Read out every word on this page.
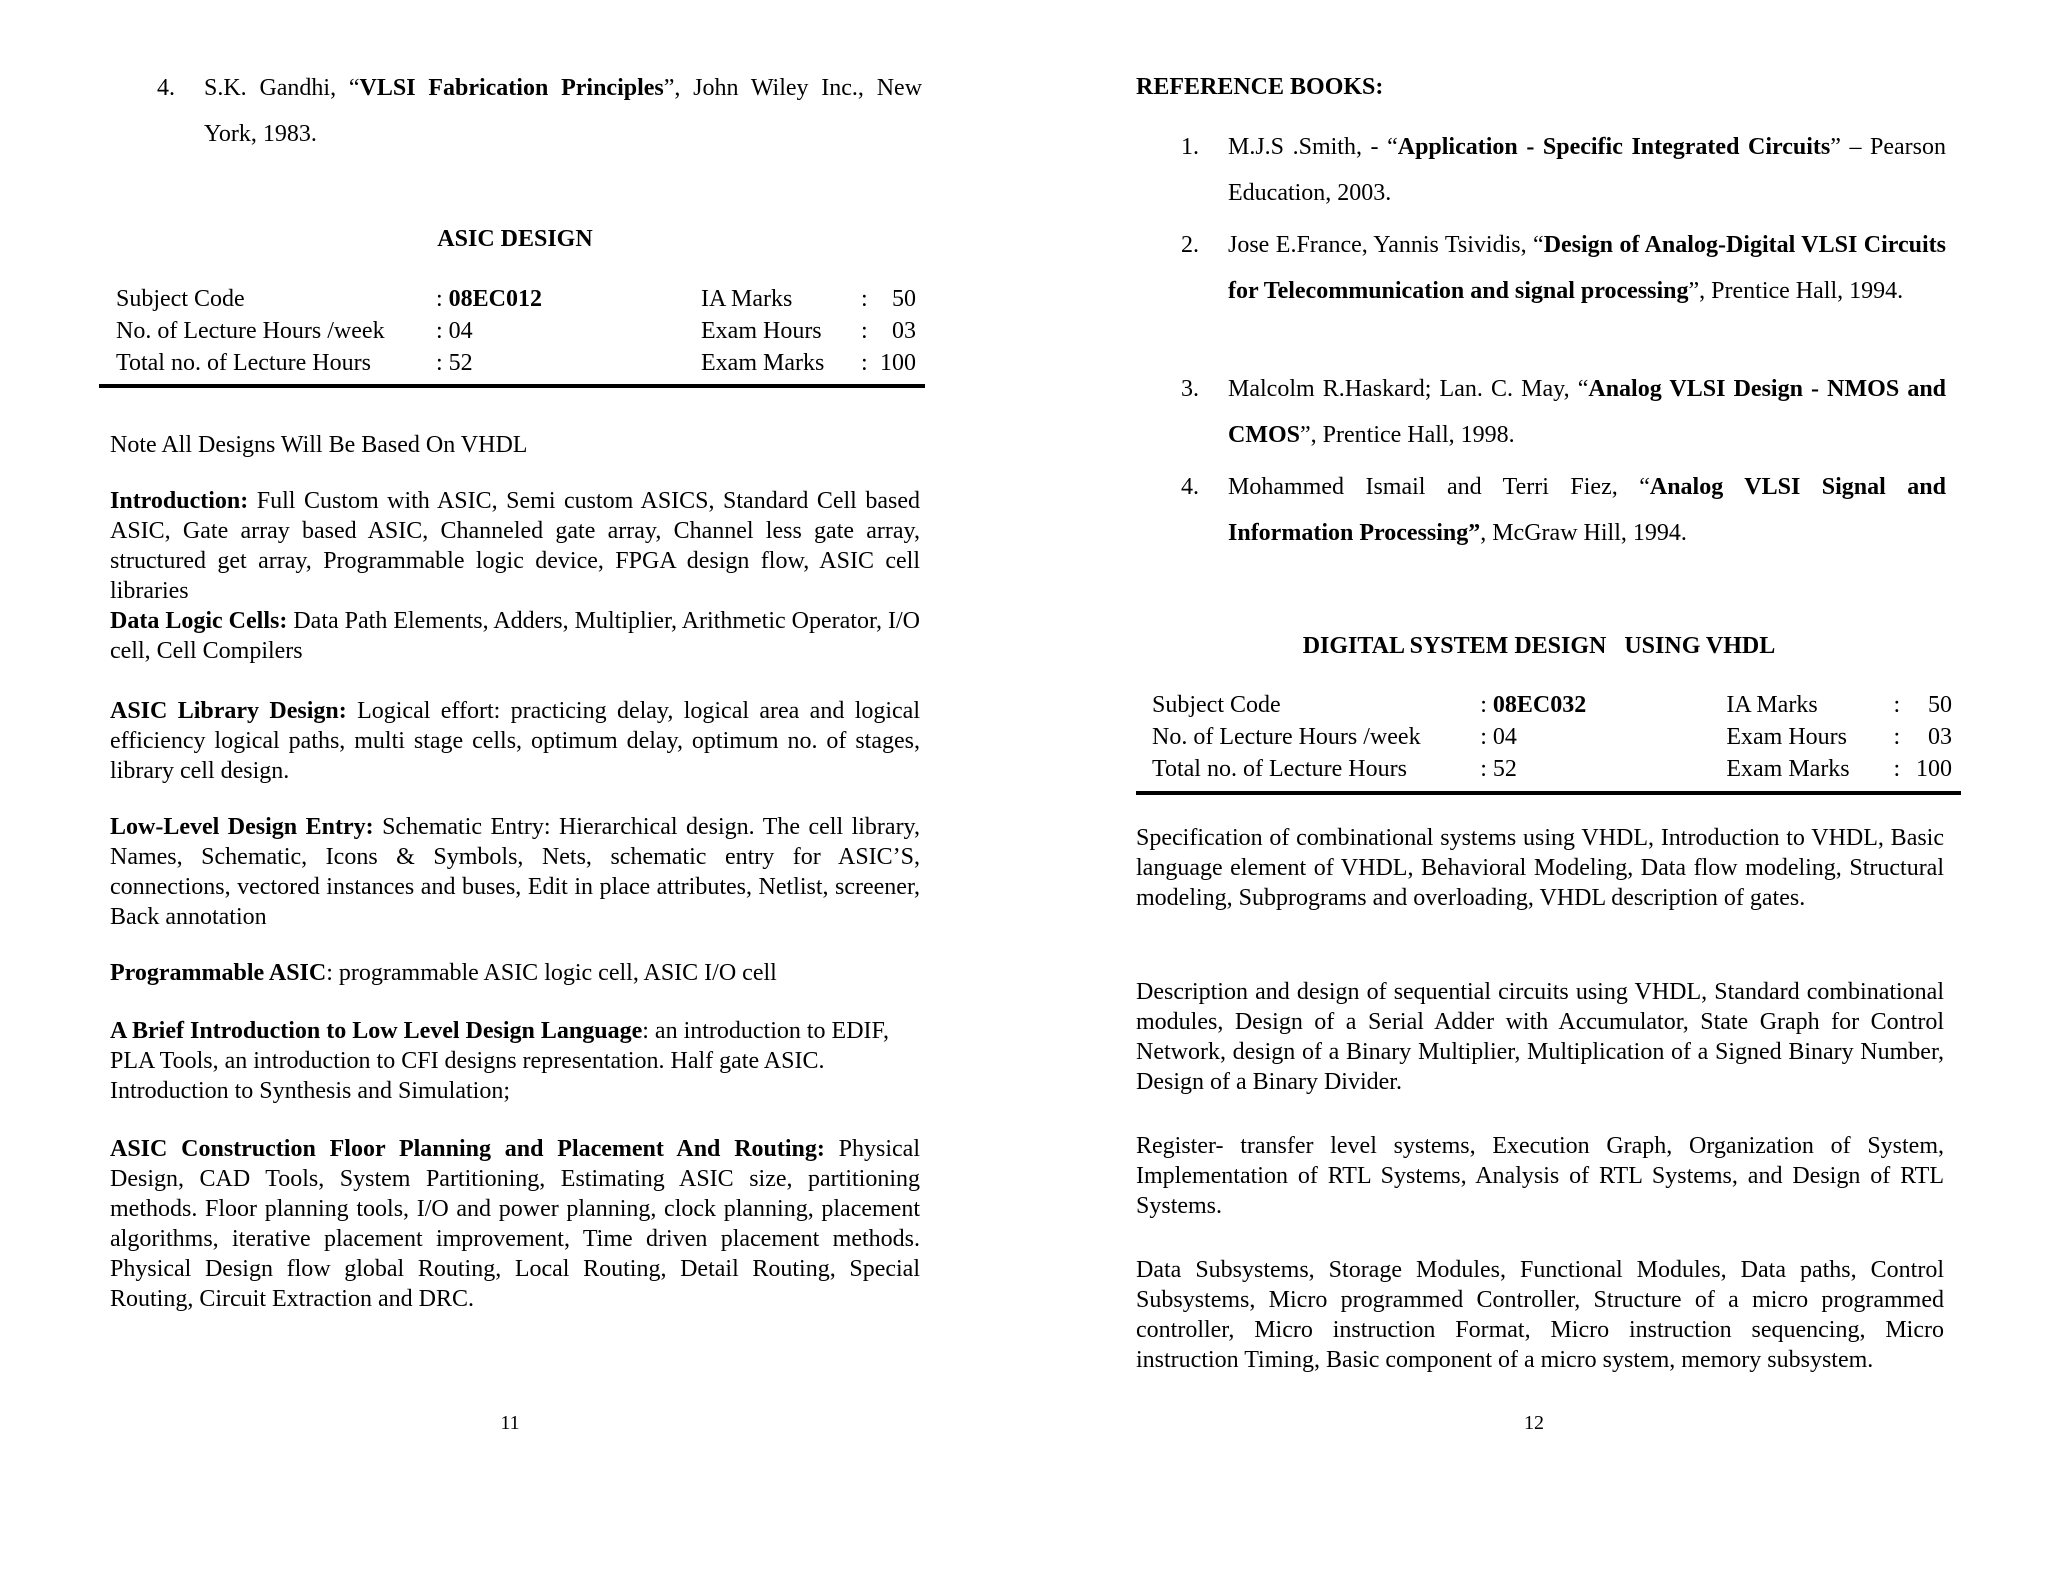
4.	S.K. Gandhi, “VLSI Fabrication Principles”, John Wiley Inc., New York, 1983.
ASIC DESIGN
Subject Code	: 08EC012	IA Marks	:	50
No. of Lecture Hours /week	: 04	Exam Hours	:	03
Total no. of Lecture Hours	: 52	Exam Marks	:	100
Note All Designs Will Be Based On VHDL
Introduction: Full Custom with ASIC, Semi custom ASICS, Standard Cell based ASIC, Gate array based ASIC, Channeled gate array, Channel less gate array, structured get array, Programmable logic device, FPGA design flow, ASIC cell libraries
Data Logic Cells: Data Path Elements, Adders, Multiplier, Arithmetic Operator, I/O cell, Cell Compilers
ASIC Library Design: Logical effort: practicing delay, logical area and logical efficiency logical paths, multi stage cells, optimum delay, optimum no. of stages, library cell design.
Low-Level Design Entry: Schematic Entry: Hierarchical design. The cell library, Names, Schematic, Icons & Symbols, Nets, schematic entry for ASIC’S, connections, vectored instances and buses, Edit in place attributes, Netlist, screener, Back annotation
Programmable ASIC: programmable ASIC logic cell, ASIC I/O cell
A Brief Introduction to Low Level Design Language: an introduction to EDIF, PLA Tools, an introduction to CFI designs representation. Half gate ASIC. Introduction to Synthesis and Simulation;
ASIC Construction Floor Planning and Placement And Routing: Physical Design, CAD Tools, System Partitioning, Estimating ASIC size, partitioning methods. Floor planning tools, I/O and power planning, clock planning, placement algorithms, iterative placement improvement, Time driven placement methods. Physical Design flow global Routing, Local Routing, Detail Routing, Special Routing, Circuit Extraction and DRC.
11
REFERENCE BOOKS:
1.	M.J.S .Smith, - “Application - Specific Integrated Circuits” – Pearson Education, 2003.
2.	Jose E.France, Yannis Tsividis, “Design of Analog-Digital VLSI Circuits for Telecommunication and signal processing”, Prentice Hall, 1994.
3.	Malcolm R.Haskard; Lan. C. May, “Analog VLSI Design - NMOS and CMOS”, Prentice Hall, 1998.
4.	Mohammed Ismail and Terri Fiez, “Analog VLSI Signal and Information Processing”, McGraw Hill, 1994.
DIGITAL SYSTEM DESIGN   USING VHDL
Subject Code	: 08EC032	IA Marks	:	50
No. of Lecture Hours /week	: 04	Exam Hours	:	03
Total no. of Lecture Hours	: 52	Exam Marks	:	100
Specification of combinational systems using VHDL, Introduction to VHDL, Basic language element of VHDL, Behavioral Modeling, Data flow modeling, Structural modeling, Subprograms and overloading, VHDL description of gates.
Description and design of sequential circuits using VHDL, Standard combinational modules, Design of a Serial Adder with Accumulator, State Graph for Control Network, design of a Binary Multiplier, Multiplication of a Signed Binary Number, Design of a Binary Divider.
Register- transfer level systems, Execution Graph, Organization of System, Implementation of RTL Systems, Analysis of RTL Systems, and Design of RTL Systems.
Data Subsystems, Storage Modules, Functional Modules, Data paths, Control Subsystems, Micro programmed Controller, Structure of a micro programmed controller, Micro instruction Format, Micro instruction sequencing, Micro instruction Timing, Basic component of a micro system, memory subsystem.
12
